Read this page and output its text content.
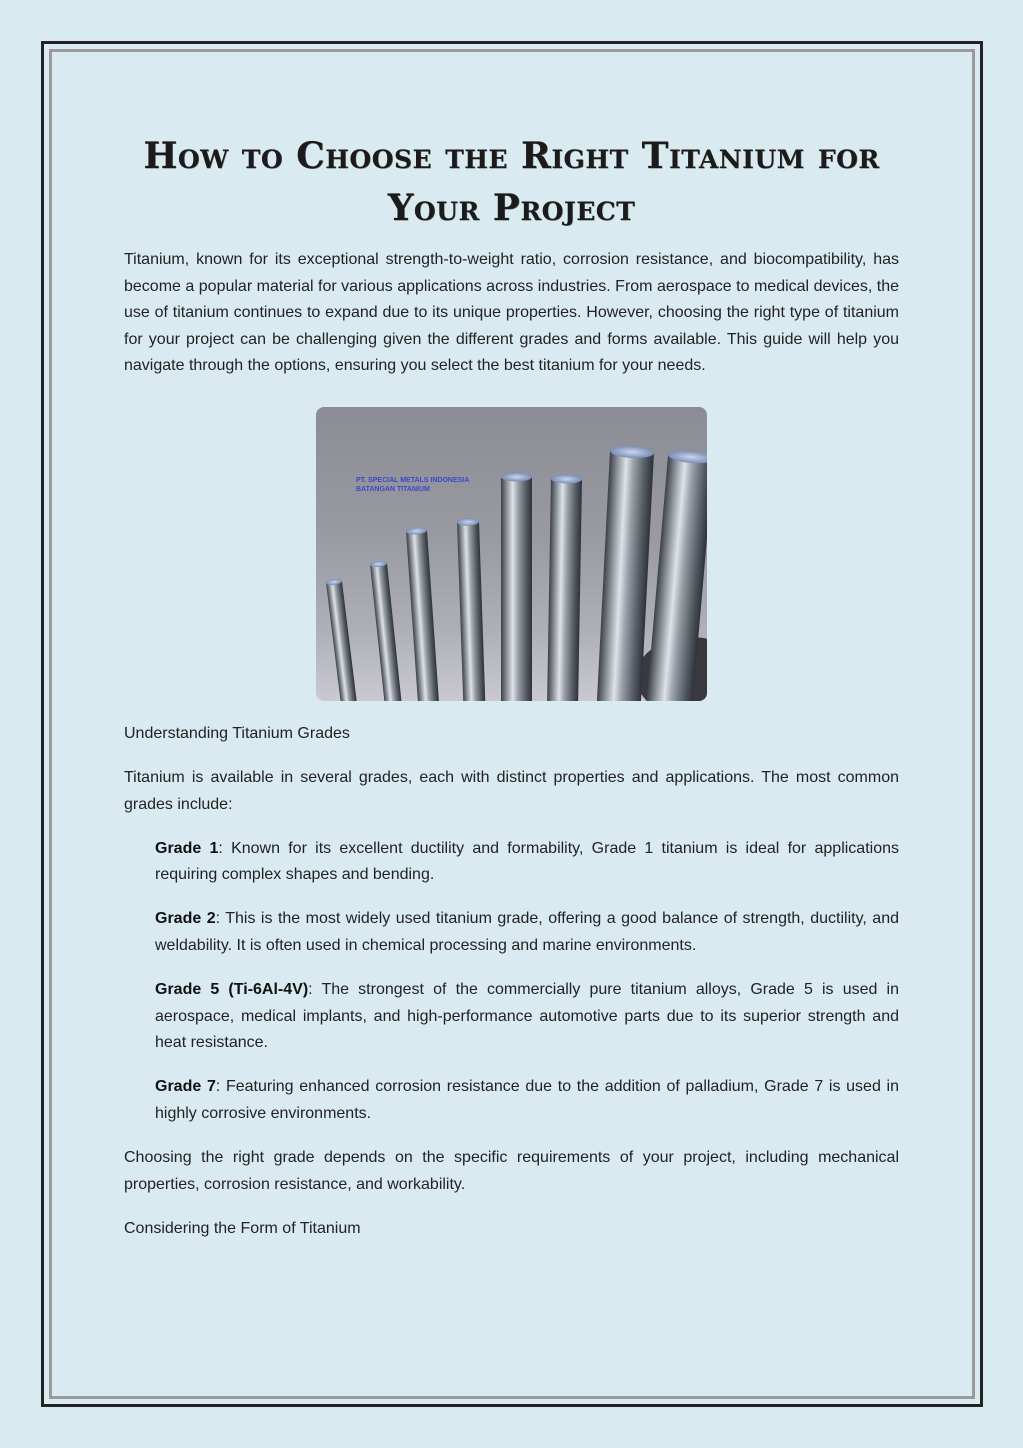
How to Choose the Right Titanium for
Your Project

Titanium, known for its exceptional strength-to-weight ratio, corrosion resistance, and biocompatibility, has become a popular material for various applications across industries. From aerospace to medical devices, the use of titanium continues to expand due to its unique properties. However, choosing the right type of titanium for your project can be challenging given the different grades and forms available. This guide will help you navigate through the options, ensuring you select the best titanium for your needs.

PT. SPECIAL METALS INDONESIA
BATANGAN TITANIUM

Understanding Titanium Grades

Titanium is available in several grades, each with distinct properties and applications. The most common grades include:

Grade 1: Known for its excellent ductility and formability, Grade 1 titanium is ideal for applications requiring complex shapes and bending.

Grade 2: This is the most widely used titanium grade, offering a good balance of strength, ductility, and weldability. It is often used in chemical processing and marine environments.

Grade 5 (Ti-6Al-4V): The strongest of the commercially pure titanium alloys, Grade 5 is used in aerospace, medical implants, and high-performance automotive parts due to its superior strength and heat resistance.

Grade 7: Featuring enhanced corrosion resistance due to the addition of palladium, Grade 7 is used in highly corrosive environments.

Choosing the right grade depends on the specific requirements of your project, including mechanical properties, corrosion resistance, and workability.

Considering the Form of Titanium
